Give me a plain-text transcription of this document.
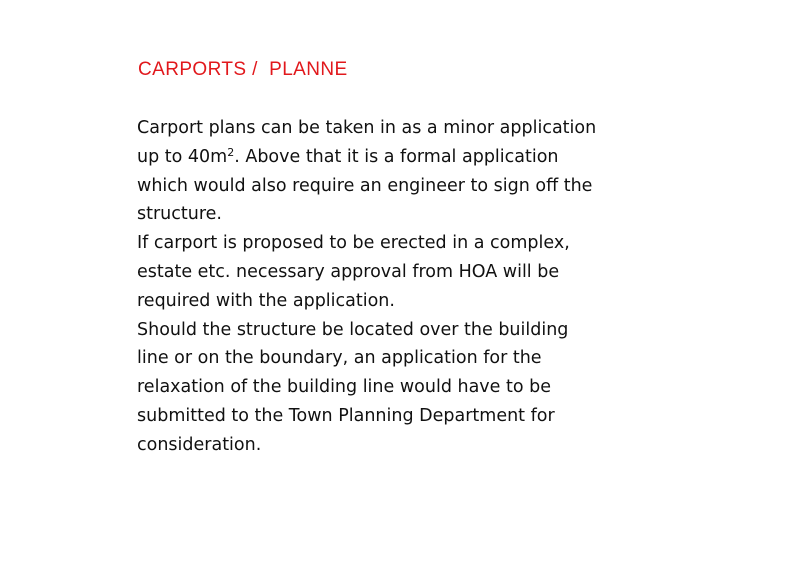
CARPORTS /  PLANNE
Carport plans can be taken in as a minor application
up to $40m^2$. Above that it is a formal application
which would also require an engineer to sign off the
structure.
If carport is proposed to be erected in a complex,
estate etc. necessary approval from HOA will be
required with the application.
Should the structure be located over the building
line or on the boundary, an application for the
relaxation of the building line would have to be
submitted to the Town Planning Department for
consideration.
